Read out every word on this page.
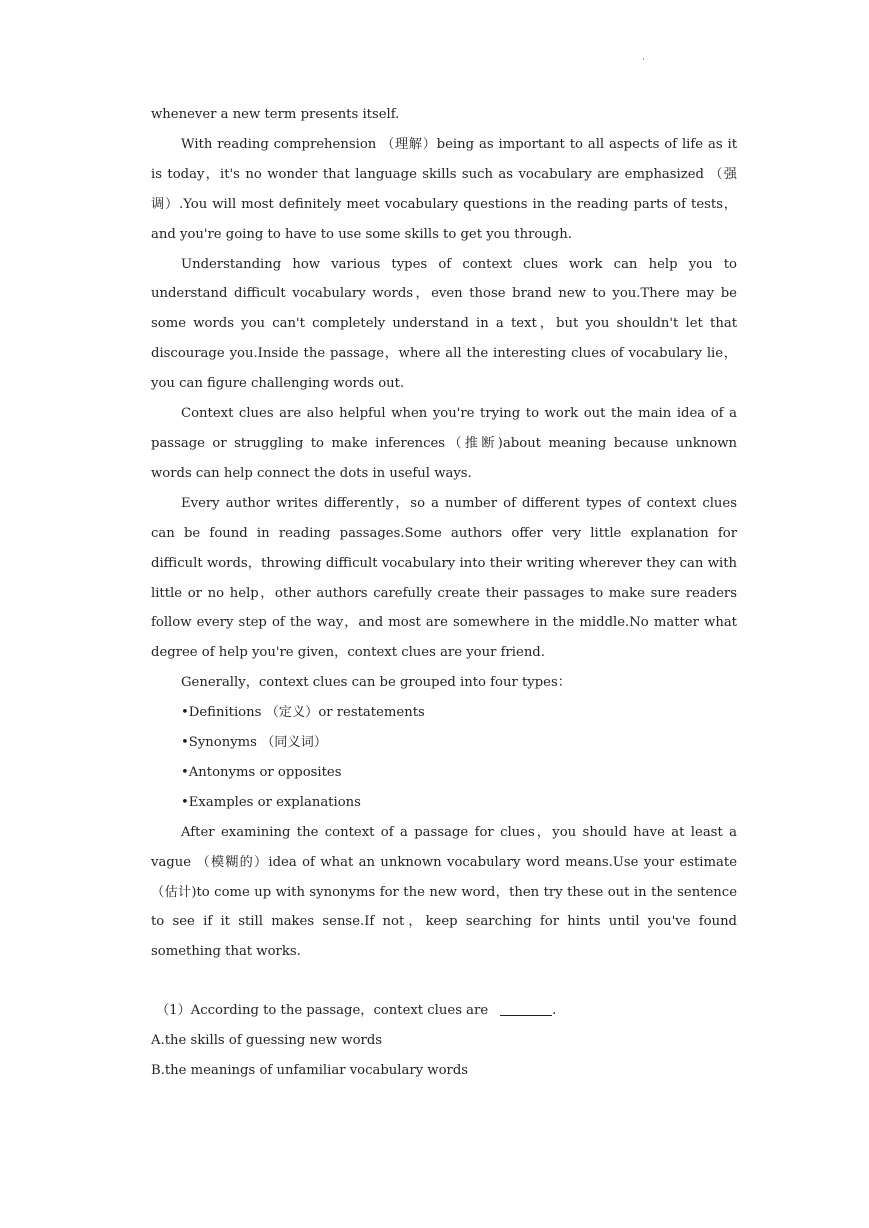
·

whenever a new term presents itself.

With reading comprehension （理解）being as important to all aspects of life as it is today，it's no wonder that language skills such as vocabulary are emphasized （强调）.You will most definitely meet vocabulary questions in the reading parts of tests，and you're going to have to use some skills to get you through.

Understanding how various types of context clues work can help you to understand difficult vocabulary words，even those brand new to you.There may be some words you can't completely understand in a text，but you shouldn't let that discourage you.Inside the passage，where all the interesting clues of vocabulary lie，you can figure challenging words out.

Context clues are also helpful when you're trying to work out the main idea of a passage or struggling to make inferences（推断)about meaning because unknown words can help connect the dots in useful ways.

Every author writes differently，so a number of different types of context clues can be found in reading passages.Some authors offer very little explanation for difficult words，throwing difficult vocabulary into their writing wherever they can with little or no help，other authors carefully create their passages to make sure readers follow every step of the way，and most are somewhere in the middle.No matter what degree of help you're given，context clues are your friend.

Generally，context clues can be grouped into four types：

•Definitions （定义）or restatements
•Synonyms （同义词）
•Antonyms or opposites
•Examples or explanations

After examining the context of a passage for clues，you should have at least a vague （模糊的）idea of what an unknown vocabulary word means.Use your estimate （估计)to come up with synonyms for the new word，then try these out in the sentence to see if it still makes sense.If not，keep searching for hints until you've found something that works.

（1）According to the passage，context clues are	.

A.the skills of guessing new words

B.the meanings of unfamiliar vocabulary words
